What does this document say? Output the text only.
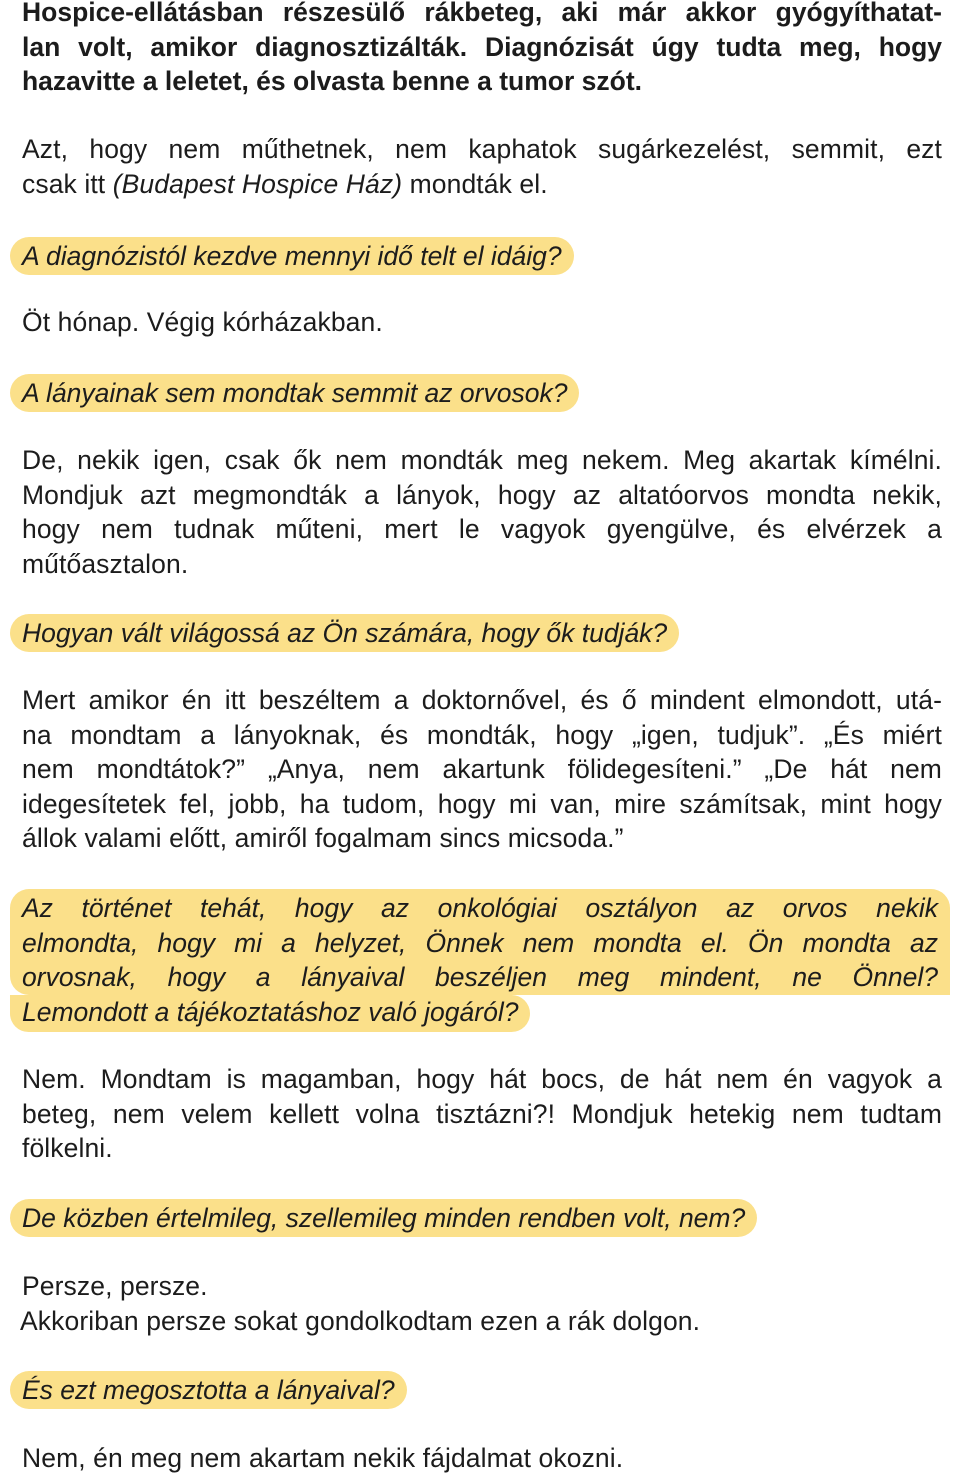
Hospice-ellátásban részesülő rákbeteg, aki már akkor gyógyíthatat-
lan volt, amikor diagnosztizálták. Diagnózisát úgy tudta meg, hogy
hazavitte a leletet, és olvasta benne a tumor szót.
Azt, hogy nem műthetnek, nem kaphatok sugárkezelést, semmit, ezt
csak itt (Budapest Hospice Ház) mondták el.
A diagnózistól kezdve mennyi idő telt el idáig?
Öt hónap. Végig kórházakban.
A lányainak sem mondtak semmit az orvosok?
De, nekik igen, csak ők nem mondták meg nekem. Meg akartak kímélni.
Mondjuk azt megmondták a lányok, hogy az altatóorvos mondta nekik,
hogy nem tudnak műteni, mert le vagyok gyengülve, és elvérzek a
műtőasztalon.
Hogyan vált világossá az Ön számára, hogy ők tudják?
Mert amikor én itt beszéltem a doktornővel, és ő mindent elmondott, utá-
na mondtam a lányoknak, és mondták, hogy „igen, tudjuk”. „És miért
nem mondtátok?” „Anya, nem akartunk fölidegesíteni.” „De hát nem
idegesítetek fel, jobb, ha tudom, hogy mi van, mire számítsak, mint hogy
állok valami előtt, amiről fogalmam sincs micsoda.”
Az történet tehát, hogy az onkológiai osztályon az orvos nekik
elmondta, hogy mi a helyzet, Önnek nem mondta el. Ön mondta az
orvosnak, hogy a lányaival beszéljen meg mindent, ne Önnel?
Lemondott a tájékoztatáshoz való jogáról?
Nem. Mondtam is magamban, hogy hát bocs, de hát nem én vagyok a
beteg, nem velem kellett volna tisztázni?! Mondjuk hetekig nem tudtam
fölkelni.
De közben értelmileg, szellemileg minden rendben volt, nem?
Persze, persze.
Akkoriban persze sokat gondolkodtam ezen a rák dolgon.
És ezt megosztotta a lányaival?
Nem, én meg nem akartam nekik fájdalmat okozni.
